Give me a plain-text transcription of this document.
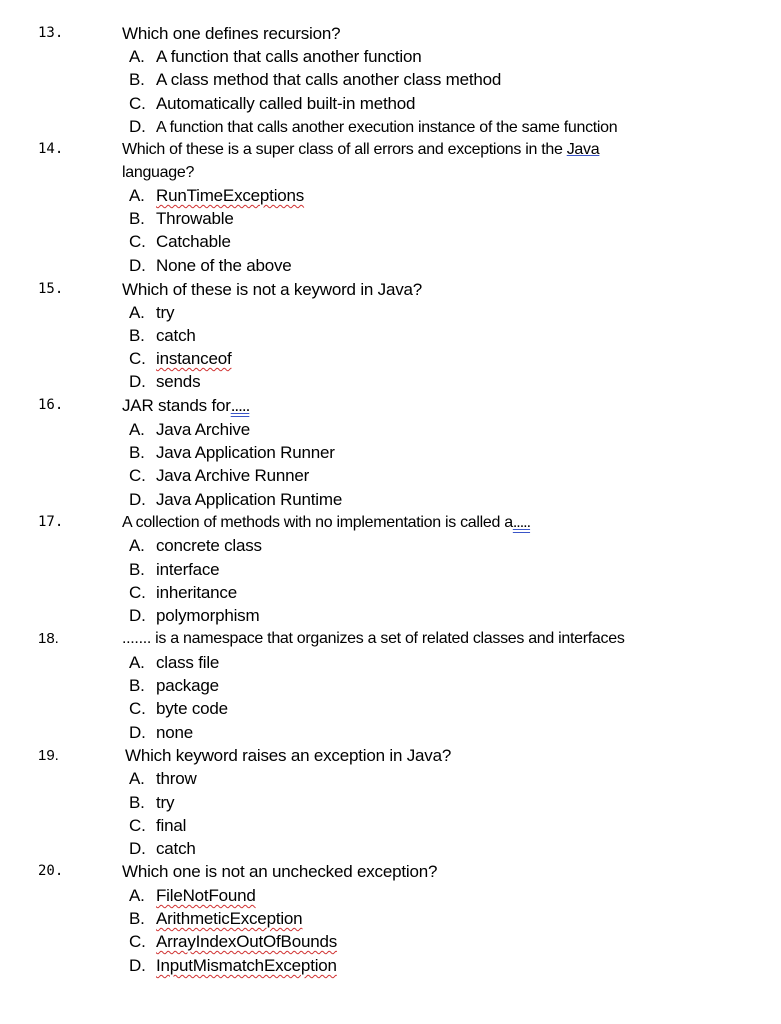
13.	Which one defines recursion?
A. A function that calls another function
B. A class method that calls another class method
C. Automatically called built-in method
D. A function that calls another execution instance of the same function
14.	Which of these is a super class of all errors and exceptions in the Java
language?
A. RunTimeExceptions
B. Throwable
C. Catchable
D. None of the above
15.	Which of these is not a keyword in Java?
A. try
B. catch
C. instanceof
D. sends
16.	JAR stands for.....
A. Java Archive
B. Java Application Runner
C. Java Archive Runner
D. Java Application Runtime
17.	A collection of methods with no implementation is called a.....
A. concrete class
B. interface
C. inheritance
D. polymorphism
18.	....... is a namespace that organizes a set of related classes and interfaces
A. class file
B. package
C. byte code
D. none
19.	Which keyword raises an exception in Java?
A. throw
B. try
C. final
D. catch
20.	Which one is not an unchecked exception?
A. FileNotFound
B. ArithmeticException
C. ArrayIndexOutOfBounds
D. InputMismatchException
